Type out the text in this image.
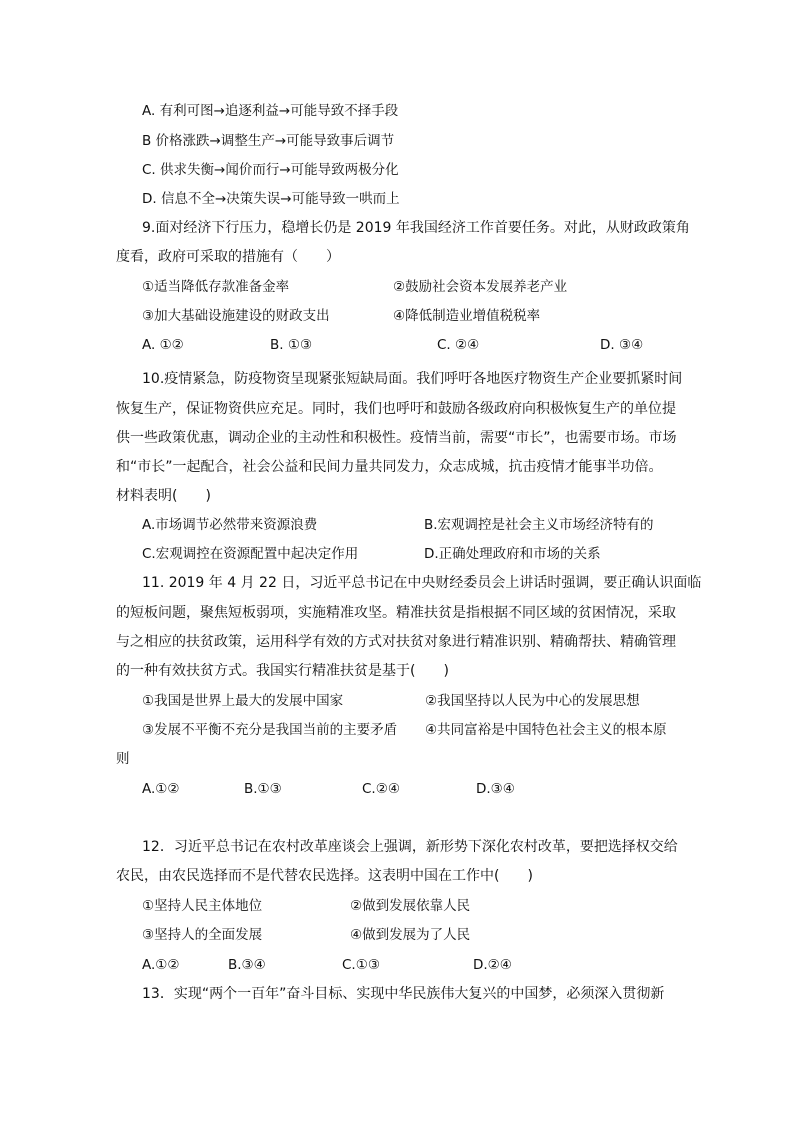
A. 有利可图→追逐利益→可能导致不择手段
B 价格涨跌→调整生产→可能导致事后调节
C. 供求失衡→闻价而行→可能导致两极分化
D. 信息不全→决策失误→可能导致一哄而上
9.面对经济下行压力，稳增长仍是 2019 年我国经济工作首要任务。对此，从财政政策角
度看，政府可采取的措施有（　　）
①适当降低存款准备金率	②鼓励社会资本发展养老产业
③加大基础设施建设的财政支出	④降低制造业增值税税率
A. ①②	B. ①③	C. ②④	D. ③④
10.疫情紧急，防疫物资呈现紧张短缺局面。我们呼吁各地医疗物资生产企业要抓紧时间
恢复生产，保证物资供应充足。同时，我们也呼吁和鼓励各级政府向积极恢复生产的单位提
供一些政策优惠，调动企业的主动性和积极性。疫情当前，需要“市长”，也需要市场。市场
和“市长”一起配合，社会公益和民间力量共同发力，众志成城，抗击疫情才能事半功倍。
材料表明(　　)
A.市场调节必然带来资源浪费	B.宏观调控是社会主义市场经济特有的
C.宏观调控在资源配置中起决定作用	D.正确处理政府和市场的关系
11. 2019 年 4 月 22 日，习近平总书记在中央财经委员会上讲话时强调，要正确认识面临
的短板问题，聚焦短板弱项，实施精准攻坚。精准扶贫是指根据不同区域的贫困情况，采取
与之相应的扶贫政策，运用科学有效的方式对扶贫对象进行精准识别、精确帮扶、精确管理
的一种有效扶贫方式。我国实行精准扶贫是基于(　　)
①我国是世界上最大的发展中国家	②我国坚持以人民为中心的发展思想
③发展不平衡不充分是我国当前的主要矛盾 ④共同富裕是中国特色社会主义的根本原
则
A.①②	B.①③	C.②④	D.③④
12．习近平总书记在农村改革座谈会上强调，新形势下深化农村改革，要把选择权交给
农民，由农民选择而不是代替农民选择。这表明中国在工作中(　　)
①坚持人民主体地位	②做到发展依靠人民
③坚持人的全面发展	④做到发展为了人民
A.①②	B.③④	C.①③	D.②④
13．实现“两个一百年”奋斗目标、实现中华民族伟大复兴的中国梦，必须深入贯彻新
